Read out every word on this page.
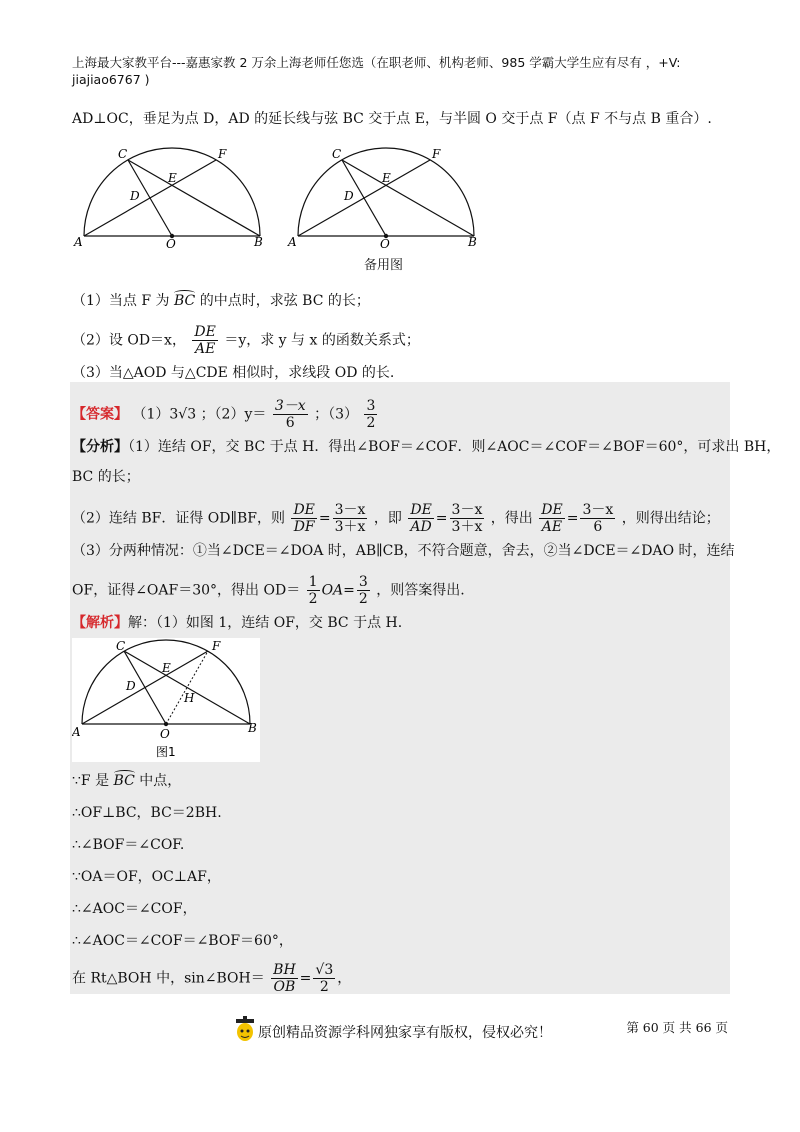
上海最大家教平台---嘉惠家教 2 万余上海老师任您选（在职老师、机构老师、985 学霸大学生应有尽有 ，+V:
jiajiao6767 )
AD⊥OC，垂足为点 D，AD 的延长线与弦 BC 交于点 E，与半圆 O 交于点 F（点 F 不与点 B 重合）.
A	B
C
D
E
F
O	A	B
C
D
E
F
O
备用图
（1）当点 F 为 BC 的中点时，求弦 BC 的长；
（2）设 OD＝x， $\frac{DE}{AE} =y$，求 y 与 x 的函数关系式；
（3）当△AOD 与△CDE 相似时，求线段 OD 的长.
【答案】 （1）3√3 ；$(2)y= \frac{3-x}{6}$ ；$(3) \frac{3}{2}$
【分析】（1）连结 OF，交 BC 于点 H．得出∠BOF＝∠COF．则∠AOC＝∠COF＝∠BOF＝60°，可求出 BH，
BC 的长；
（2）连结 BF．证得 OD∥BF，则 $\frac{DE}{DF} = \frac{3-x}{3+x}$ ，即 $\frac{DE}{AD} = \frac{3-x}{3+x}$ ，得出 $\frac{DE}{AE} = \frac{3-x}{6}$ ，则得出结论；
（3）分两种情况：①当∠DCE＝∠DOA 时，AB∥CB，不符合题意，舍去，②当∠DCE＝∠DAO 时，连结
OF，证得∠OAF＝30°，得出 $OD= \frac{1}{2} OA= \frac{3}{2}$ ，则答案得出.
【解析】解：（1）如图 1，连结 OF，交 BC 于点 H.
A	B
C
D
E
F
H
O
图1
∵F 是 BC 中点，
∴OF⊥BC，BC＝2BH.
∴∠BOF＝∠COF.
∵OA＝OF，OC⊥AF，
∴∠AOC＝∠COF，
∴∠AOC＝∠COF＝∠BOF＝60°，
在 Rt△BOH 中，sin∠BOH＝ $\frac{BH}{OB} = \frac{√3}{2}$ ，
第 60 页 共 66 页
原创精品资源学科网独家享有版权，侵权必究！
